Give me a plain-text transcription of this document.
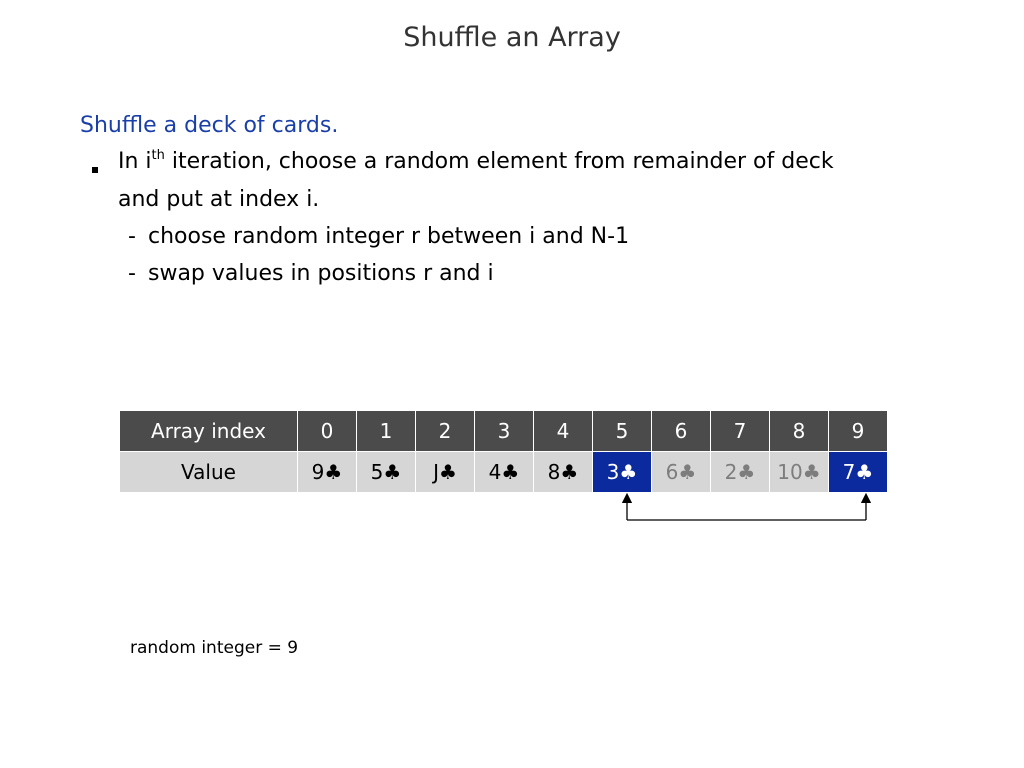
Shuffle an Array
Shuffle a deck of cards.
In $i^{th}$ iteration, choose a random element from remainder of deck
and put at index i.
- choose random integer r between i and N-1
- swap values in positions r and i
Array index	0	1	2	3	4	5	6	7	8	9
Value	9♣	5♣	J♣	4♣	8♣	3♣	6♣	2♣	10♣	7♣
random integer = 9
